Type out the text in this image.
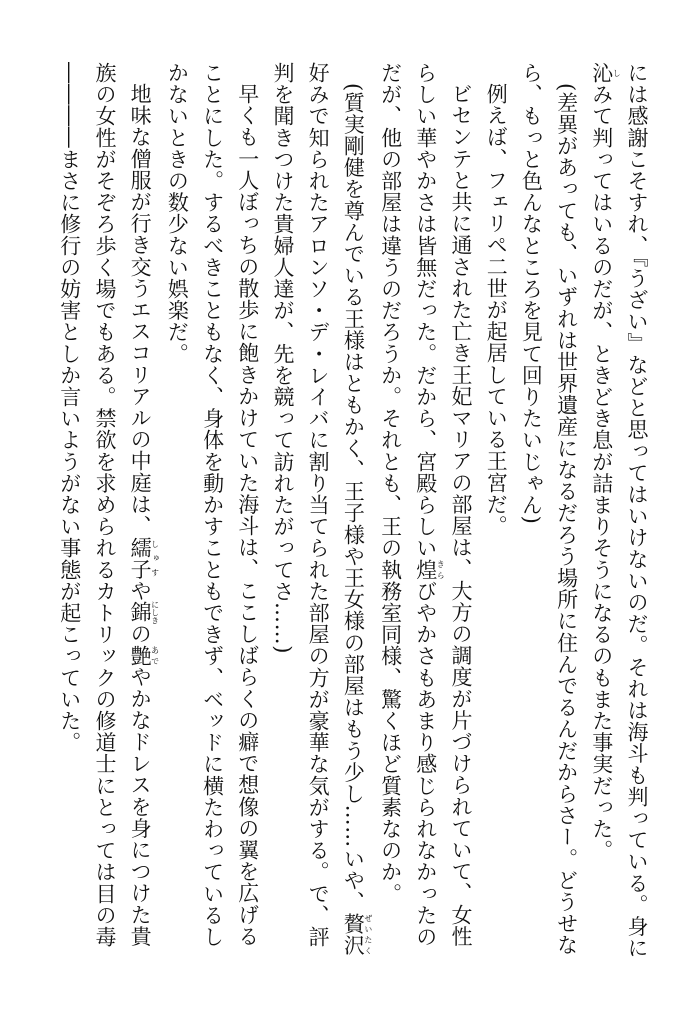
には感謝こそすれ、『うざい』などと思ってはいけないのだ。それは海斗も判っている。身に沁しみて判ってはいるのだが、ときどき息が詰まりそうになるのもまた事実だった。

(差異があっても、いずれは世界遺産になるだろう場所に住んでるんだからさー。どうせなら、もっと色んなところを見て回りたいじゃん)

例えば、フェリペ二世が起居している王宮だ。

ビセンテと共に通された亡き王妃マリアの部屋は、大方の調度が片づけられていて、女性らしい華やかさは皆無だった。だから、宮殿らしい煌きらびやかさもあまり感じられなかったのだが、他の部屋は違うのだろうか。それとも、王の執務室同様、驚くほど質素なのか。

(質実剛健を尊んでいる王様はともかく、王子様や王女様の部屋はもう少し……いや、贅沢ぜいたく好みで知られたアロンソ・デ・レイバに割り当てられた部屋の方が豪華な気がする。で、評判を聞きつけた貴婦人達が、先を競って訪れたがってさ……)

早くも一人ぼっちの散歩に飽きかけていた海斗は、ここしばらくの癖で想像の翼を広げることにした。するべきこともなく、身体を動かすこともできず、ベッドに横たわっているしかないときの数少ない娯楽だ。

地味な僧服が行き交うエスコリアルの中庭は、繻子しゅすや錦にしきの艶あでやかなドレスを身につけた貴族の女性がそぞろ歩く場でもある。禁欲を求められるカトリックの修道士にとっては目の毒

――――まさに修行の妨害としか言いようがない事態が起こっていた。
